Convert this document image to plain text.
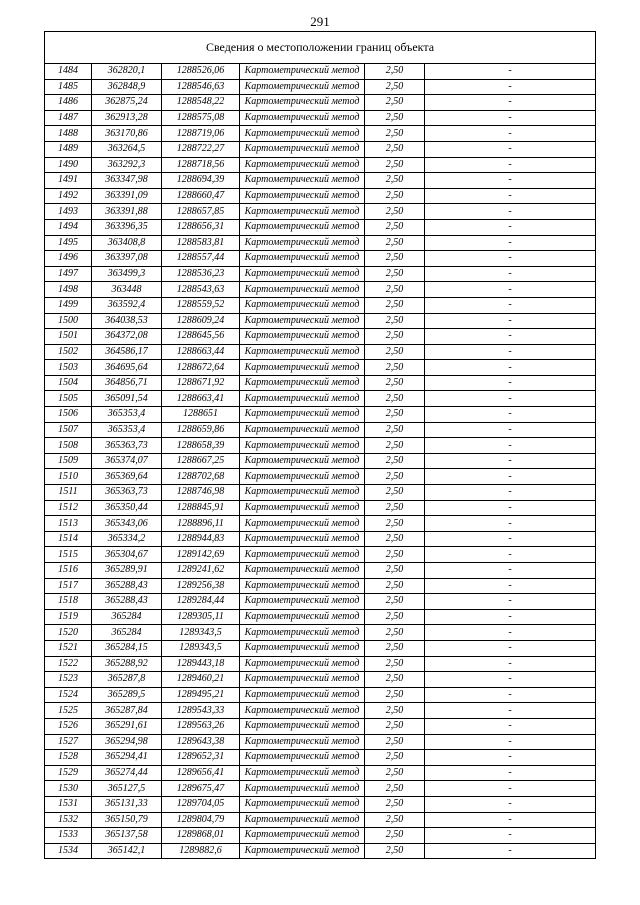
291
Сведения о местоположении границ объекта					
1484	362820,1	1288526,06	Картометрический метод	2,50	-
1485	362848,9	1288546,63	Картометрический метод	2,50	-
1486	362875,24	1288548,22	Картометрический метод	2,50	-
1487	362913,28	1288575,08	Картометрический метод	2,50	-
1488	363170,86	1288719,06	Картометрический метод	2,50	-
1489	363264,5	1288722,27	Картометрический метод	2,50	-
1490	363292,3	1288718,56	Картометрический метод	2,50	-
1491	363347,98	1288694,39	Картометрический метод	2,50	-
1492	363391,09	1288660,47	Картометрический метод	2,50	-
1493	363391,88	1288657,85	Картометрический метод	2,50	-
1494	363396,35	1288656,31	Картометрический метод	2,50	-
1495	363408,8	1288583,81	Картометрический метод	2,50	-
1496	363397,08	1288557,44	Картометрический метод	2,50	-
1497	363499,3	1288536,23	Картометрический метод	2,50	-
1498	363448	1288543,63	Картометрический метод	2,50	-
1499	363592,4	1288559,52	Картометрический метод	2,50	-
1500	364038,53	1288609,24	Картометрический метод	2,50	-
1501	364372,08	1288645,56	Картометрический метод	2,50	-
1502	364586,17	1288663,44	Картометрический метод	2,50	-
1503	364695,64	1288672,64	Картометрический метод	2,50	-
1504	364856,71	1288671,92	Картометрический метод	2,50	-
1505	365091,54	1288663,41	Картометрический метод	2,50	-
1506	365353,4	1288651	Картометрический метод	2,50	-
1507	365353,4	1288659,86	Картометрический метод	2,50	-
1508	365363,73	1288658,39	Картометрический метод	2,50	-
1509	365374,07	1288667,25	Картометрический метод	2,50	-
1510	365369,64	1288702,68	Картометрический метод	2,50	-
1511	365363,73	1288746,98	Картометрический метод	2,50	-
1512	365350,44	1288845,91	Картометрический метод	2,50	-
1513	365343,06	1288896,11	Картометрический метод	2,50	-
1514	365334,2	1288944,83	Картометрический метод	2,50	-
1515	365304,67	1289142,69	Картометрический метод	2,50	-
1516	365289,91	1289241,62	Картометрический метод	2,50	-
1517	365288,43	1289256,38	Картометрический метод	2,50	-
1518	365288,43	1289284,44	Картометрический метод	2,50	-
1519	365284	1289305,11	Картометрический метод	2,50	-
1520	365284	1289343,5	Картометрический метод	2,50	-
1521	365284,15	1289343,5	Картометрический метод	2,50	-
1522	365288,92	1289443,18	Картометрический метод	2,50	-
1523	365287,8	1289460,21	Картометрический метод	2,50	-
1524	365289,5	1289495,21	Картометрический метод	2,50	-
1525	365287,84	1289543,33	Картометрический метод	2,50	-
1526	365291,61	1289563,26	Картометрический метод	2,50	-
1527	365294,98	1289643,38	Картометрический метод	2,50	-
1528	365294,41	1289652,31	Картометрический метод	2,50	-
1529	365274,44	1289656,41	Картометрический метод	2,50	-
1530	365127,5	1289675,47	Картометрический метод	2,50	-
1531	365131,33	1289704,05	Картометрический метод	2,50	-
1532	365150,79	1289804,79	Картометрический метод	2,50	-
1533	365137,58	1289868,01	Картометрический метод	2,50	-
1534	365142,1	1289882,6	Картометрический метод	2,50	-
